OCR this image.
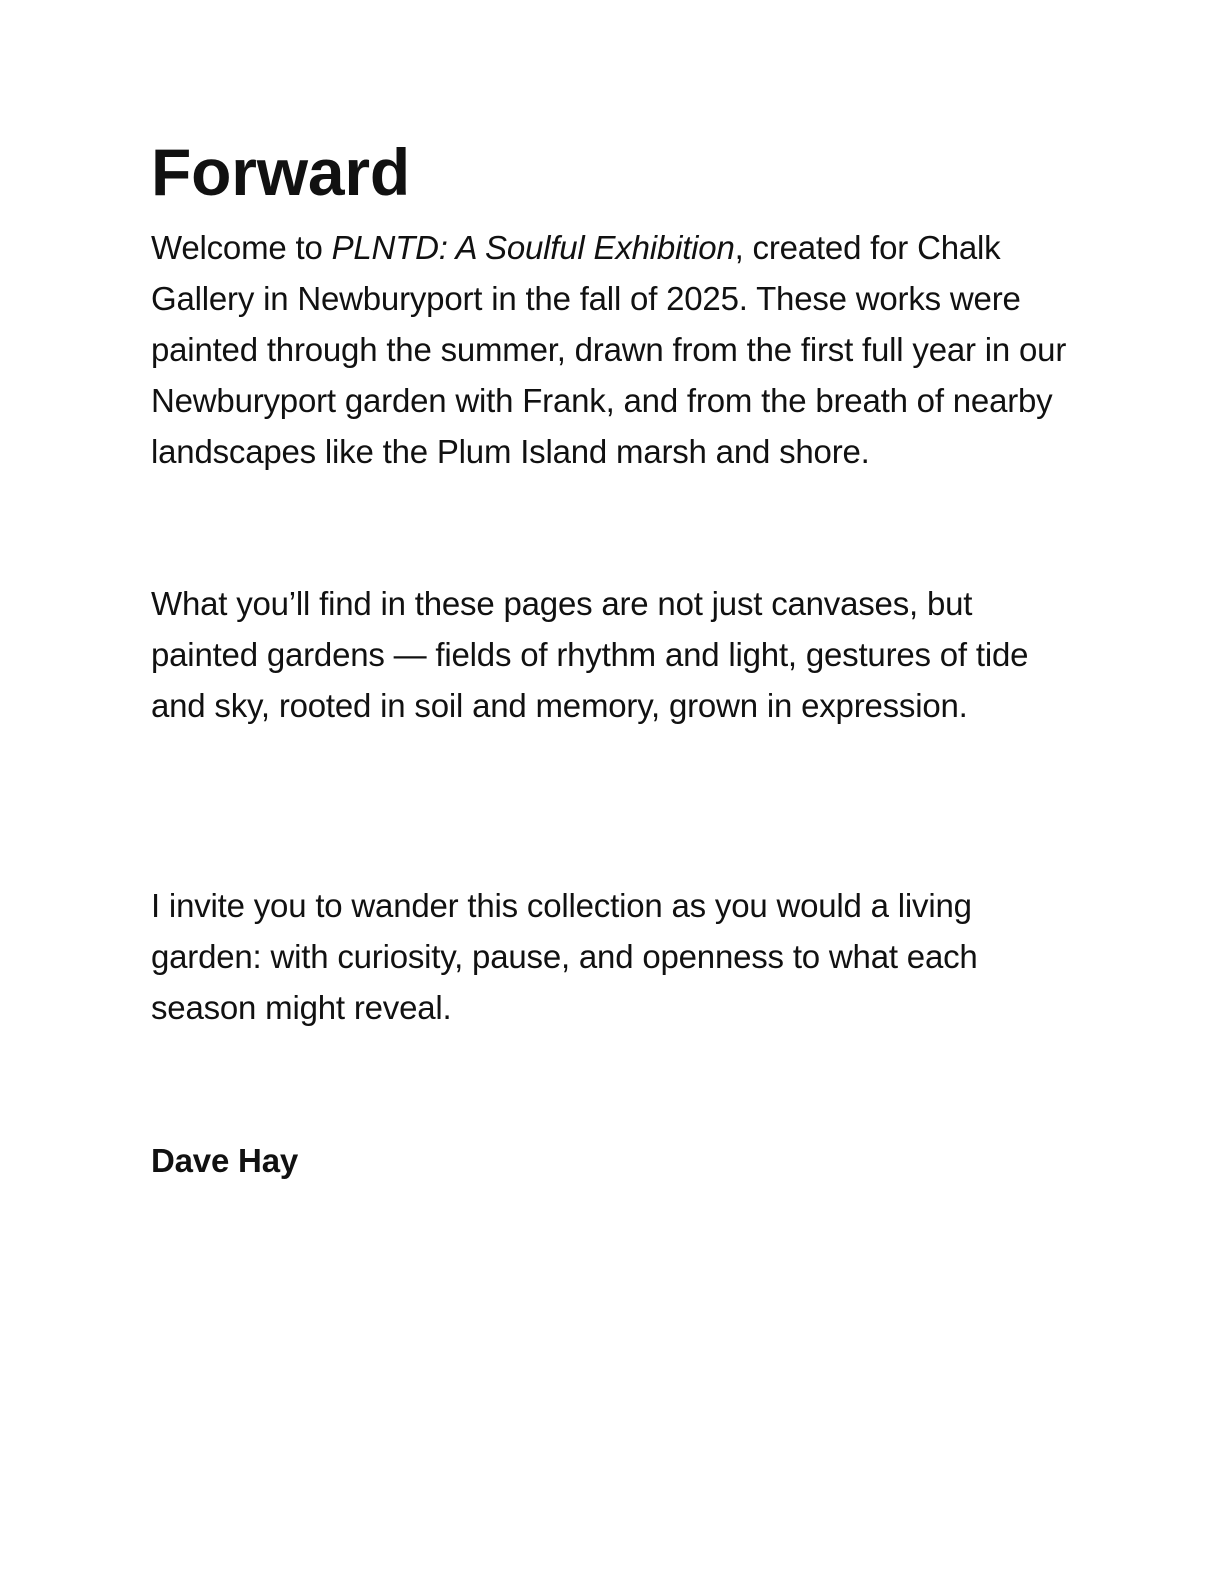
Forward

Welcome to PLNTD: A Soulful Exhibition, created for Chalk Gallery in Newburyport in the fall of 2025. These works were painted through the summer, drawn from the first full year in our Newburyport garden with Frank, and from the breath of nearby landscapes like the Plum Island marsh and shore.

What you’ll find in these pages are not just canvases, but painted gardens — fields of rhythm and light, gestures of tide and sky, rooted in soil and memory, grown in expression.

I invite you to wander this collection as you would a living garden: with curiosity, pause, and openness to what each season might reveal.

Dave Hay
